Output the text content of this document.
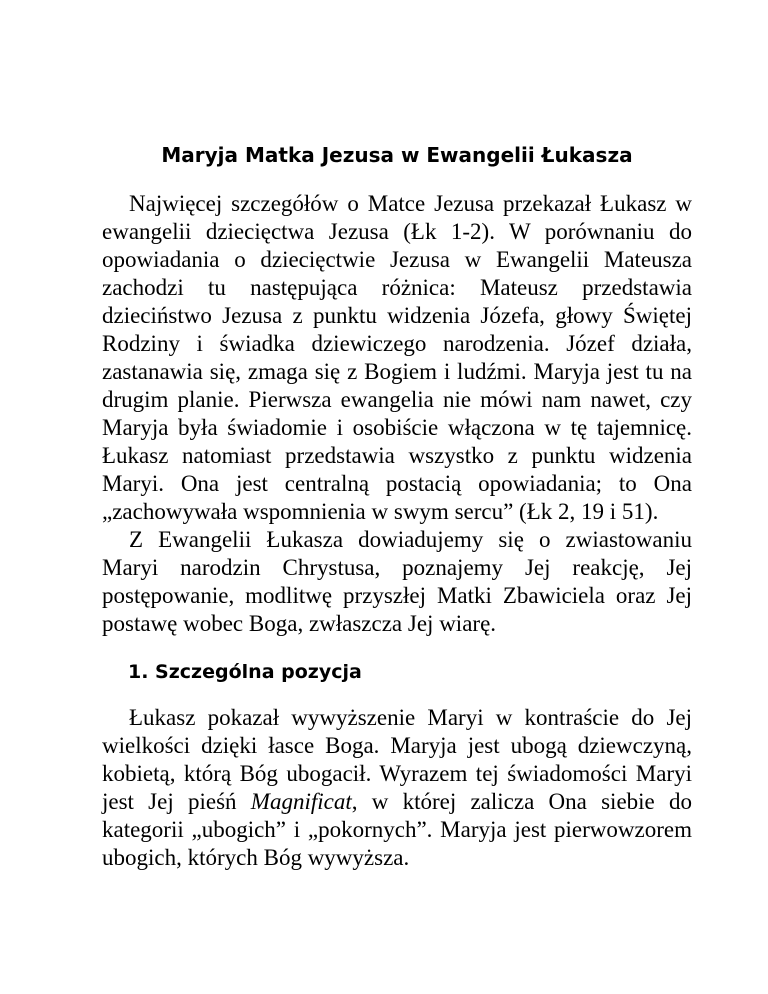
Maryja Matka Jezusa w Ewangelii Łukasza

Najwięcej szczegółów o Matce Jezusa przekazał Łukasz w ewangelii dziecięctwa Jezusa (Łk 1-2). W porównaniu do opowiadania o dziecięctwie Jezusa w Ewangelii Mateusza zachodzi tu następująca różnica: Mateusz przedstawia dzieciństwo Jezusa z punktu widzenia Józefa, głowy Świętej Rodziny i świadka dziewiczego narodzenia. Józef działa, zastanawia się, zmaga się z Bogiem i ludźmi. Maryja jest tu na drugim planie. Pierwsza ewangelia nie mówi nam nawet, czy Maryja była świadomie i osobiście włączona w tę tajemnicę. Łukasz natomiast przedstawia wszystko z punktu widzenia Maryi. Ona jest centralną postacią opowiadania; to Ona „zachowywała wspomnienia w swym sercu” (Łk 2, 19 i 51).

Z Ewangelii Łukasza dowiadujemy się o zwiastowaniu Maryi narodzin Chrystusa, poznajemy Jej reakcję, Jej postępowanie, modlitwę przyszłej Matki Zbawiciela oraz Jej postawę wobec Boga, zwłaszcza Jej wiarę.

1. Szczególna pozycja

Łukasz pokazał wywyższenie Maryi w kontraście do Jej wielkości dzięki łasce Boga. Maryja jest ubogą dziewczyną, kobietą, którą Bóg ubogacił. Wyrazem tej świadomości Maryi jest Jej pieśń Magnificat, w której zalicza Ona siebie do kategorii „ubogich” i „pokornych”. Maryja jest pierwowzorem ubogich, których Bóg wywyższa.
